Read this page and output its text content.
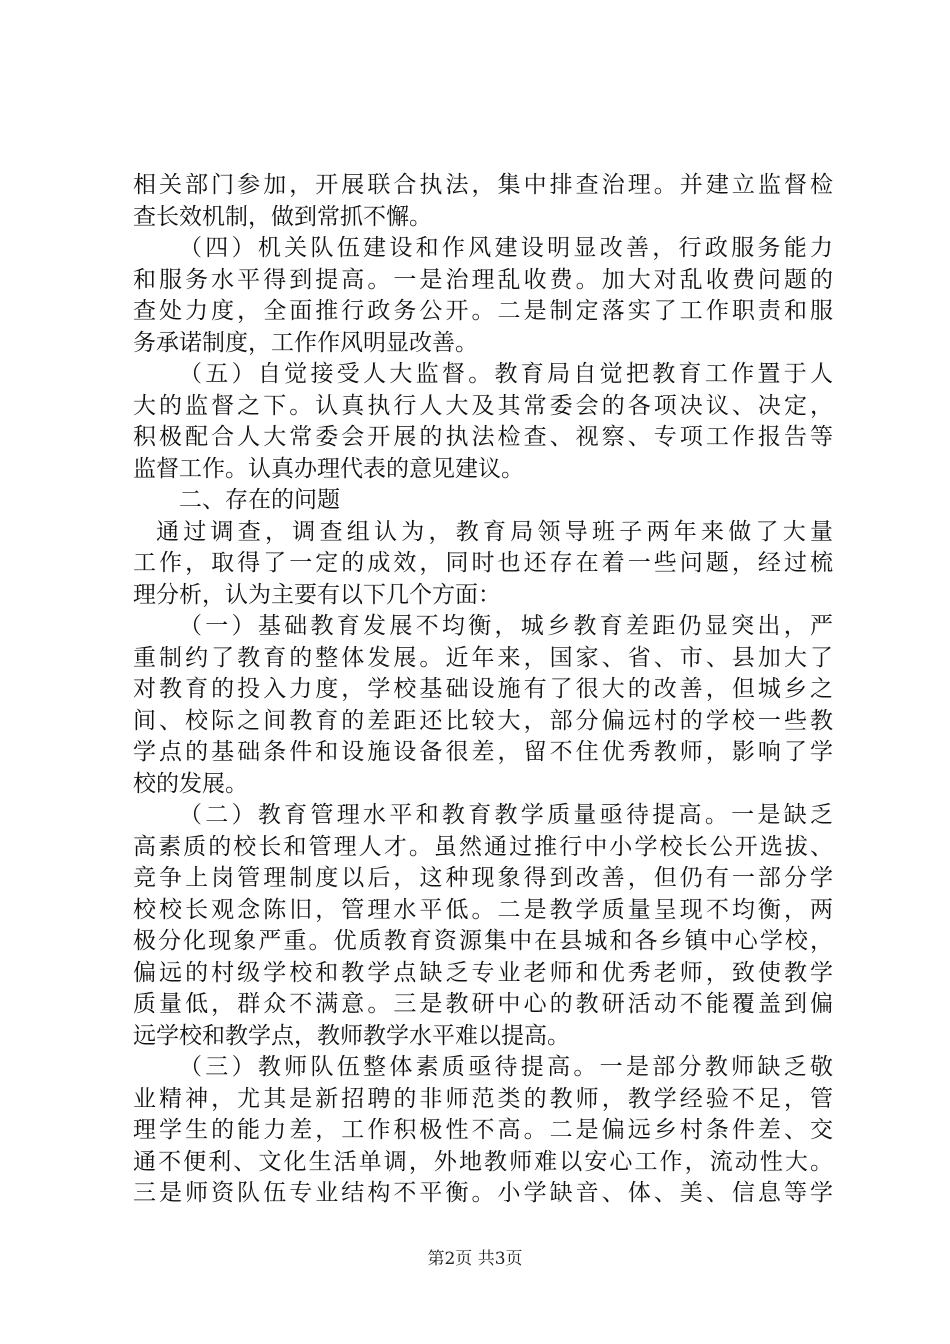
相关部门参加，开展联合执法，集中排查治理。并建立监督检
查长效机制，做到常抓不懈。
（四）机关队伍建设和作风建设明显改善，行政服务能力
和服务水平得到提高。一是治理乱收费。加大对乱收费问题的
查处力度，全面推行政务公开。二是制定落实了工作职责和服
务承诺制度，工作作风明显改善。
（五）自觉接受人大监督。教育局自觉把教育工作置于人
大的监督之下。认真执行人大及其常委会的各项决议、决定，
积极配合人大常委会开展的执法检查、视察、专项工作报告等
监督工作。认真办理代表的意见建议。
二、存在的问题
通过调查，调查组认为，教育局领导班子两年来做了大量
工作，取得了一定的成效，同时也还存在着一些问题，经过梳
理分析，认为主要有以下几个方面：
（一）基础教育发展不均衡，城乡教育差距仍显突出，严
重制约了教育的整体发展。近年来，国家、省、市、县加大了
对教育的投入力度，学校基础设施有了很大的改善，但城乡之
间、校际之间教育的差距还比较大，部分偏远村的学校一些教
学点的基础条件和设施设备很差，留不住优秀教师，影响了学
校的发展。
（二）教育管理水平和教育教学质量亟待提高。一是缺乏
高素质的校长和管理人才。虽然通过推行中小学校长公开选拔、
竞争上岗管理制度以后，这种现象得到改善，但仍有一部分学
校校长观念陈旧，管理水平低。二是教学质量呈现不均衡，两
极分化现象严重。优质教育资源集中在县城和各乡镇中心学校，
偏远的村级学校和教学点缺乏专业老师和优秀老师，致使教学
质量低，群众不满意。三是教研中心的教研活动不能覆盖到偏
远学校和教学点，教师教学水平难以提高。
（三）教师队伍整体素质亟待提高。一是部分教师缺乏敬
业精神，尤其是新招聘的非师范类的教师，教学经验不足，管
理学生的能力差，工作积极性不高。二是偏远乡村条件差、交
通不便利、文化生活单调，外地教师难以安心工作，流动性大。
三是师资队伍专业结构不平衡。小学缺音、体、美、信息等学
第2页 共3页
